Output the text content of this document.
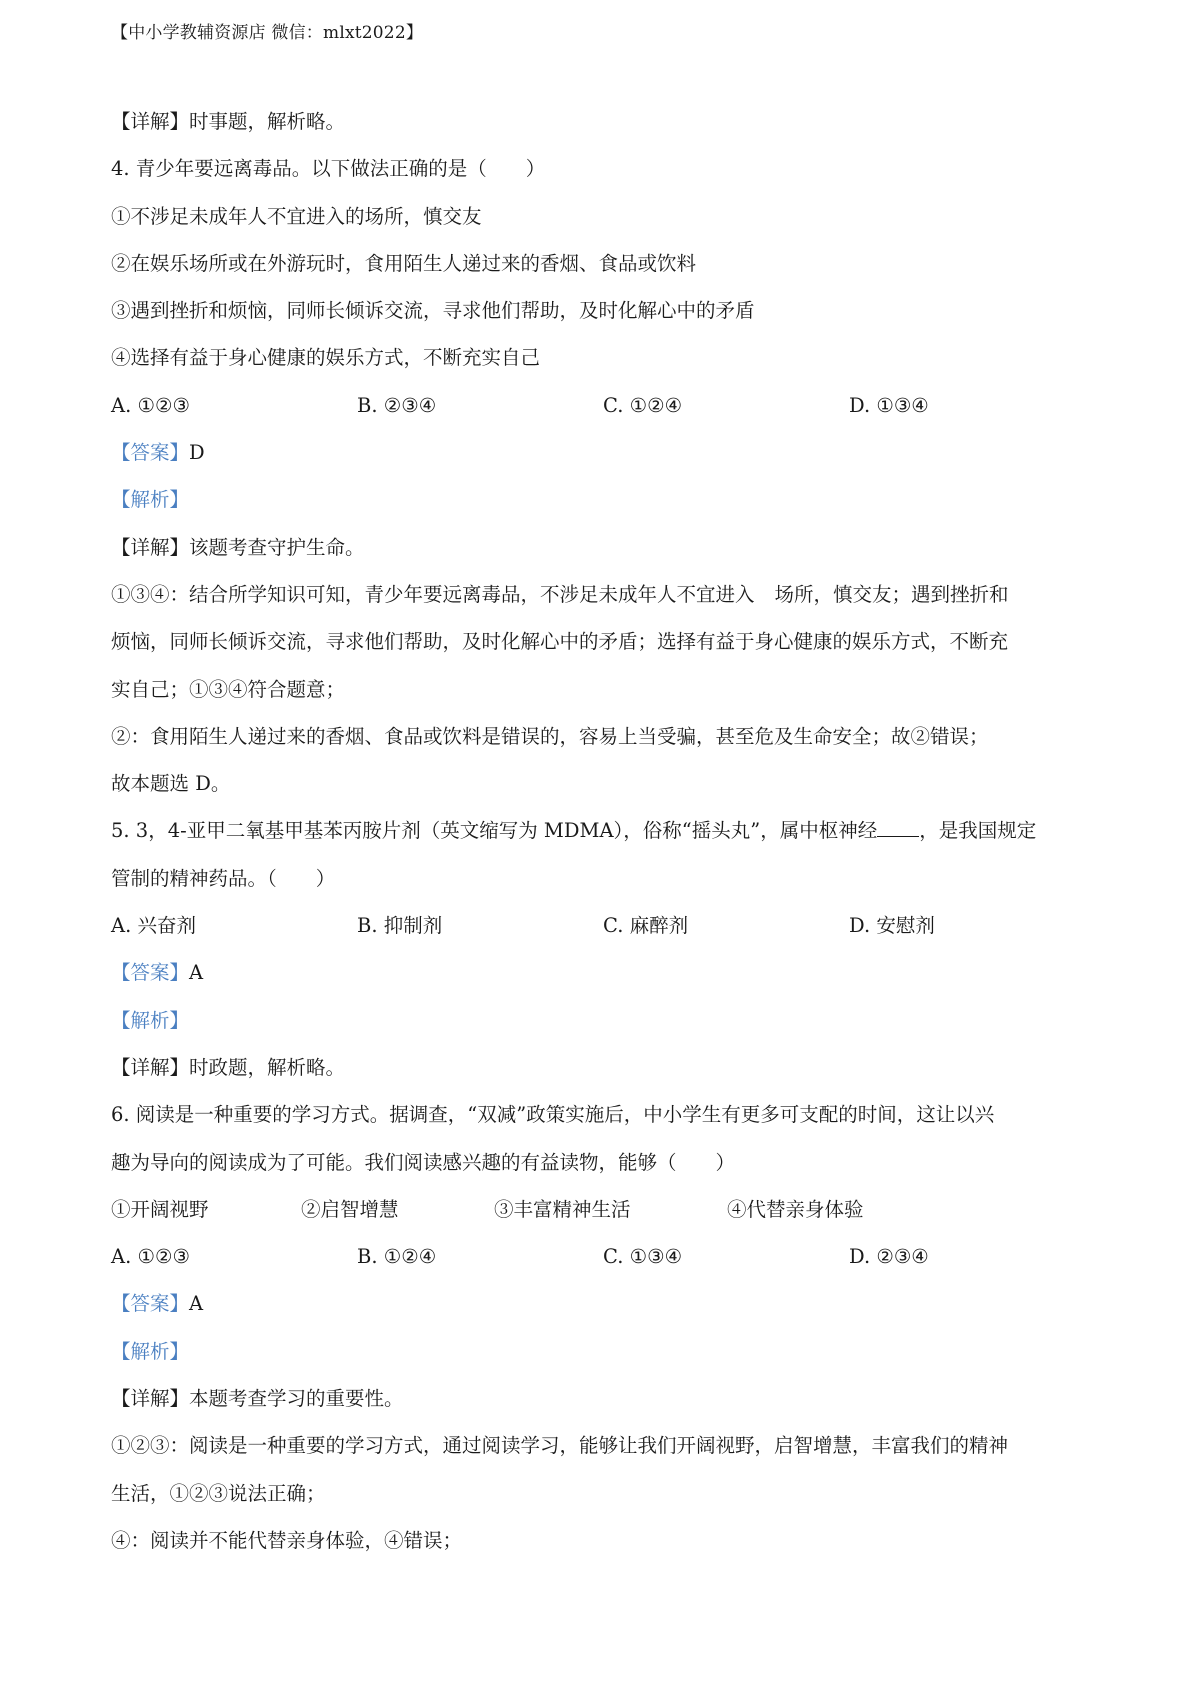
【中小学教辅资源店 微信：mlxt2022】
【详解】时事题，解析略。
4. 青少年要远离毒品。以下做法正确的是（　　）
①不涉足未成年人不宜进入的场所，慎交友
②在娱乐场所或在外游玩时，食用陌生人递过来的香烟、食品或饮料
③遇到挫折和烦恼，同师长倾诉交流，寻求他们帮助，及时化解心中的矛盾
④选择有益于身心健康的娱乐方式，不断充实自己
A. ①②③	B. ②③④	C. ①②④	D. ①③④
【答案】D
【解析】
【详解】该题考查守护生命。
①③④：结合所学知识可知，青少年要远离毒品，不涉足未成年人不宜进入 场所，慎交友；遇到挫折和
烦恼，同师长倾诉交流，寻求他们帮助，及时化解心中的矛盾；选择有益于身心健康的娱乐方式，不断充
实自己；①③④符合题意；
②：食用陌生人递过来的香烟、食品或饮料是错误的，容易上当受骗，甚至危及生命安全；故②错误；
故本题选 D。
5. 3，4-亚甲二氧基甲基苯丙胺片剂（英文缩写为 MDMA），俗称“摇头丸”，属中枢神经 ，是我国规定
管制的精神药品。（　　）
A. 兴奋剂	B. 抑制剂	C. 麻醉剂	D. 安慰剂
【答案】A
【解析】
【详解】时政题，解析略。
6. 阅读是一种重要的学习方式。据调查，“双减”政策实施后，中小学生有更多可支配的时间，这让以兴
趣为导向的阅读成为了可能。我们阅读感兴趣的有益读物，能够（　　）
①开阔视野	②启智增慧	③丰富精神生活	④代替亲身体验
A. ①②③	B. ①②④	C. ①③④	D. ②③④
【答案】A
【解析】
【详解】本题考查学习的重要性。
①②③：阅读是一种重要的学习方式，通过阅读学习，能够让我们开阔视野，启智增慧，丰富我们的精神
生活，①②③说法正确；
④：阅读并不能代替亲身体验，④错误；
